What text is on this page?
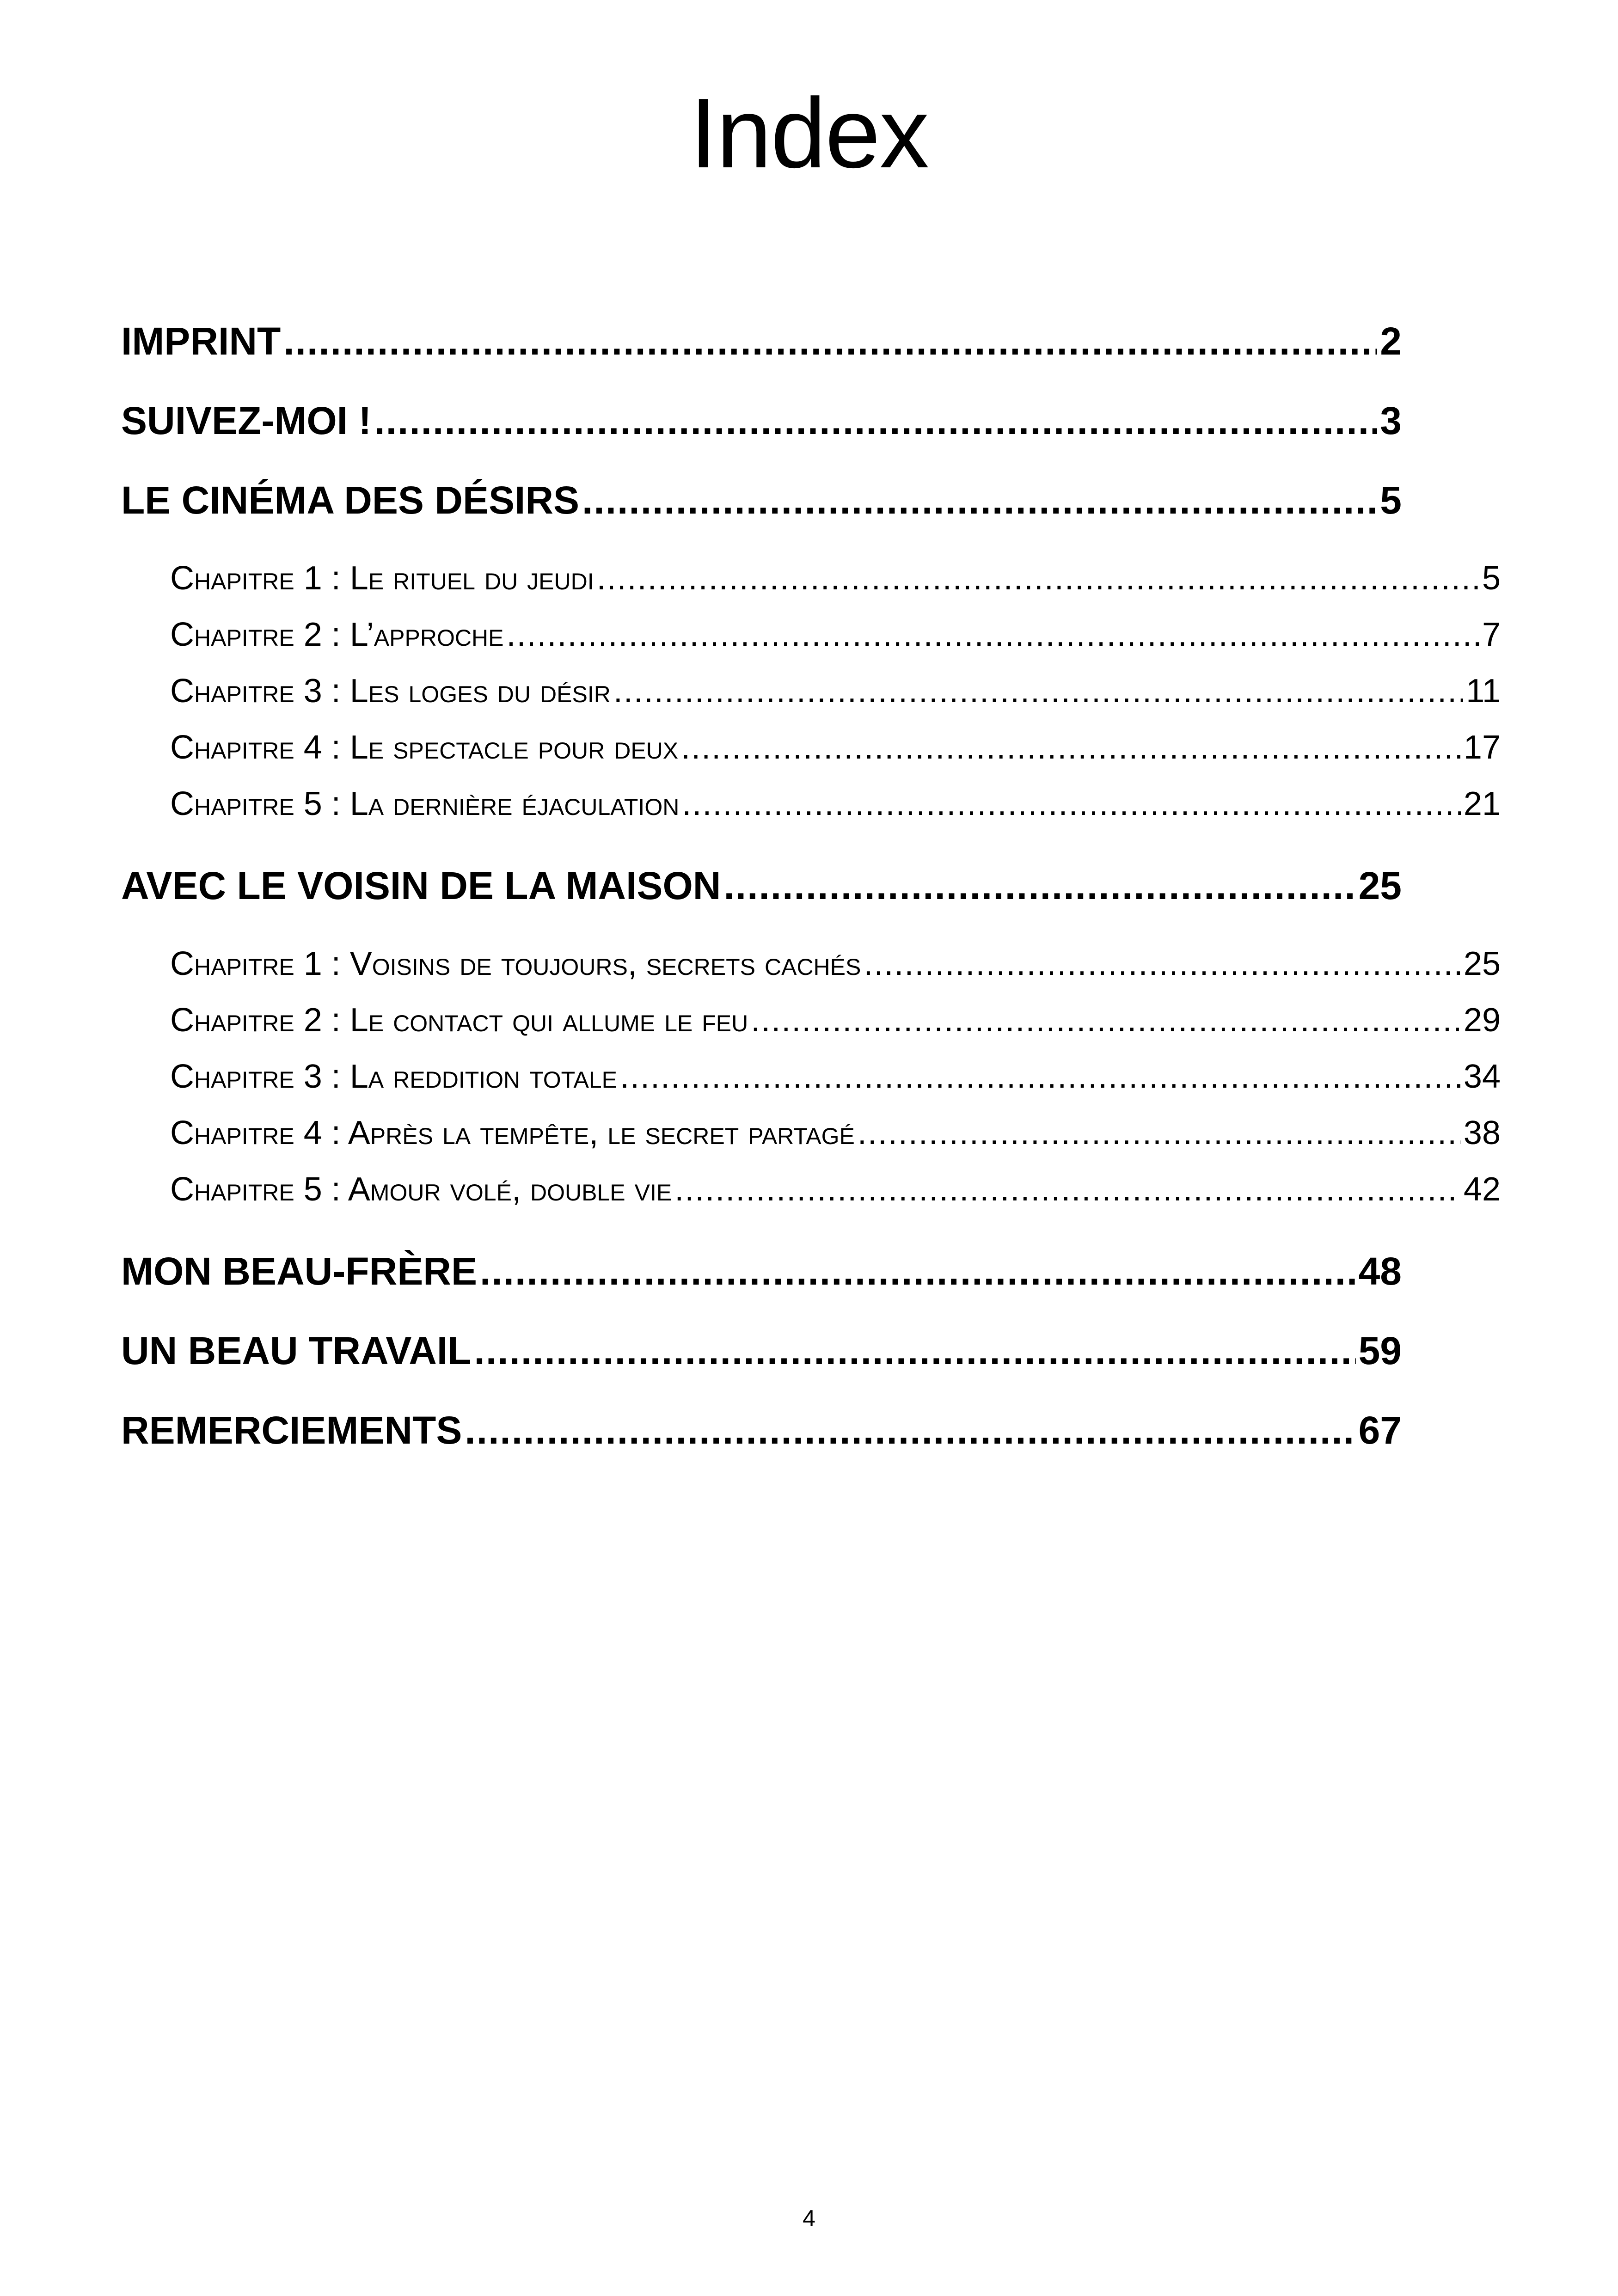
Index
IMPRINT .....	2
SUIVEZ-MOI ! .....	3
LE CINÉMA DES DÉSIRS .....	5
Chapitre 1 : Le rituel du jeudi .....	5
Chapitre 2 : L’approche .....	7
Chapitre 3 : Les loges du désir .....	11
Chapitre 4 : Le spectacle pour deux .....	17
Chapitre 5 : La dernière éjaculation .....	21
AVEC LE VOISIN DE LA MAISON .....	25
Chapitre 1 : Voisins de toujours, secrets cachés .....	25
Chapitre 2 : Le contact qui allume le feu .....	29
Chapitre 3 : La reddition totale .....	34
Chapitre 4 : Après la tempête, le secret partagé .....	38
Chapitre 5 : Amour volé, double vie .....	42
MON BEAU-FRÈRE .....	48
UN BEAU TRAVAIL .....	59
REMERCIEMENTS .....	67
4
